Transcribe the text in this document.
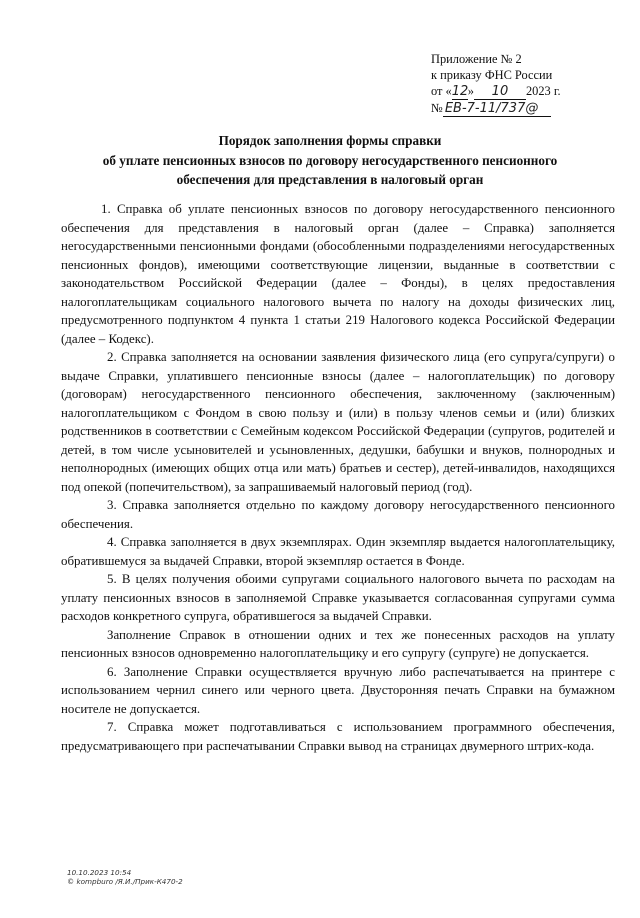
Приложение № 2
к приказу ФНС России
от «12» 10 2023 г.
№ ЕВ-7-11/737@
Порядок заполнения формы справки
об уплате пенсионных взносов по договору негосударственного пенсионного
обеспечения для представления в налоговый орган

1. Справка об уплате пенсионных взносов по договору негосударственного пенсионного обеспечения для представления в налоговый орган (далее – Справка) заполняется негосударственными пенсионными фондами (обособленными подразделениями негосударственных пенсионных фондов), имеющими соответствующие лицензии, выданные в соответствии с законодательством Российской Федерации (далее – Фонды), в целях предоставления налогоплательщикам социального налогового вычета по налогу на доходы физических лиц, предусмотренного подпунктом 4 пункта 1 статьи 219 Налогового кодекса Российской Федерации (далее – Кодекс).

2. Справка заполняется на основании заявления физического лица (его супруга/супруги) о выдаче Справки, уплатившего пенсионные взносы (далее – налогоплательщик) по договору (договорам) негосударственного пенсионного обеспечения, заключенному (заключенным) налогоплательщиком с Фондом в свою пользу и (или) в пользу членов семьи и (или) близких родственников в соответствии с Семейным кодексом Российской Федерации (супругов, родителей и детей, в том числе усыновителей и усыновленных, дедушки, бабушки и внуков, полнородных и неполнородных (имеющих общих отца или мать) братьев и сестер), детей-инвалидов, находящихся под опекой (попечительством), за запрашиваемый налоговый период (год).

3. Справка заполняется отдельно по каждому договору негосударственного пенсионного обеспечения.

4. Справка заполняется в двух экземплярах. Один экземпляр выдается налогоплательщику, обратившемуся за выдачей Справки, второй экземпляр остается в Фонде.

5. В целях получения обоими супругами социального налогового вычета по расходам на уплату пенсионных взносов в заполняемой Справке указывается согласованная супругами сумма расходов конкретного супруга, обратившегося за выдачей Справки.

Заполнение Справок в отношении одних и тех же понесенных расходов на уплату пенсионных взносов одновременно налогоплательщику и его супругу (супруге) не допускается.

6. Заполнение Справки осуществляется вручную либо распечатывается на принтере с использованием чернил синего или черного цвета. Двусторонняя печать Справки на бумажном носителе не допускается.

7. Справка может подготавливаться с использованием программного обеспечения, предусматривающего при распечатывании Справки вывод на страницах двумерного штрих-кода.

10.10.2023 10:54
© kompburo /Я.И./Прик-К470-2
